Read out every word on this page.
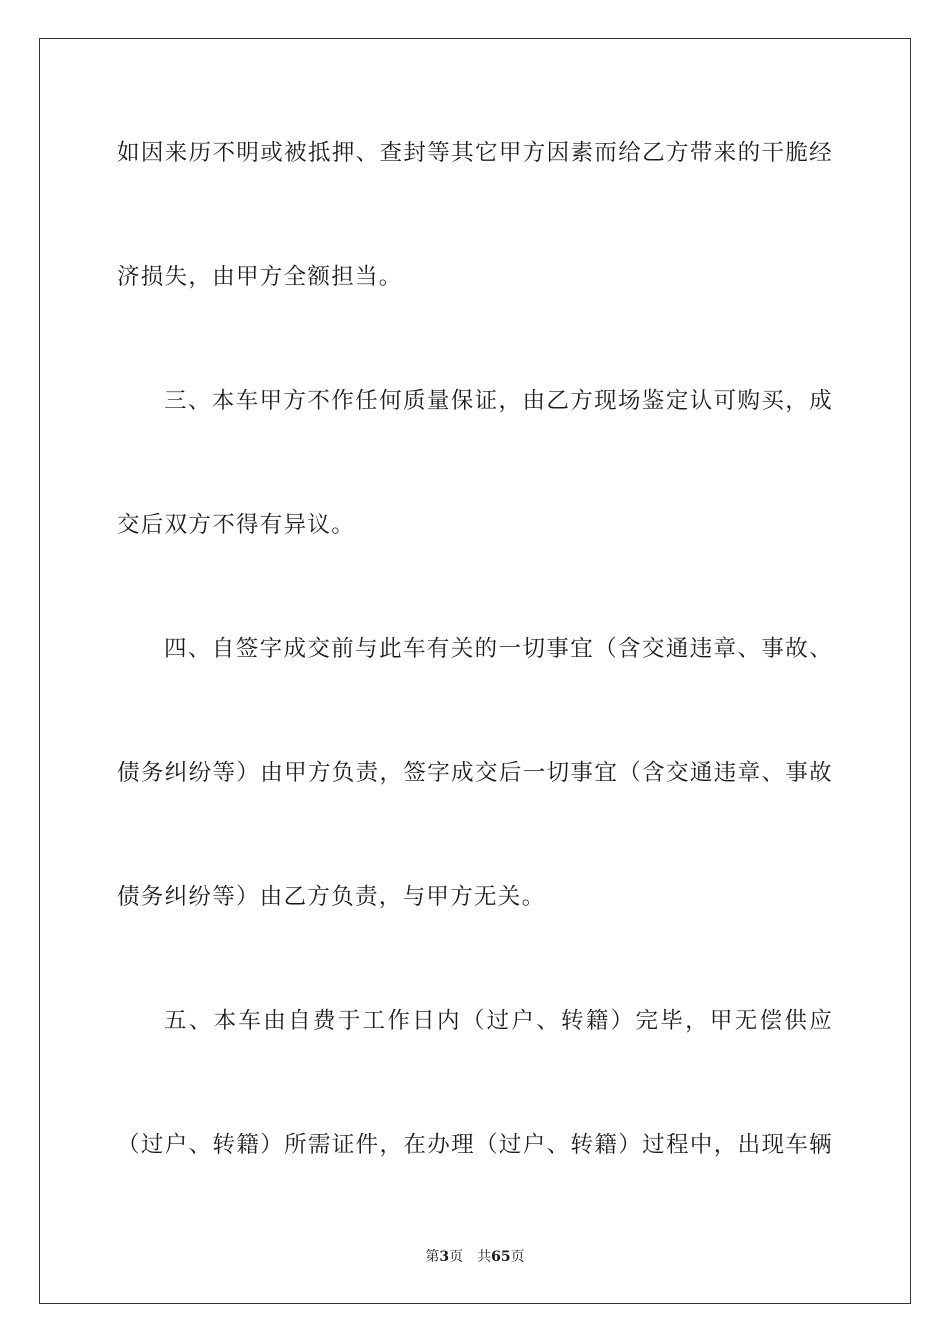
如因来历不明或被抵押、查封等其它甲方因素而给乙方带来的干脆经
济损失，由甲方全额担当。
三、本车甲方不作任何质量保证，由乙方现场鉴定认可购买，成
交后双方不得有异议。
四、自签字成交前与此车有关的一切事宜（含交通违章、事故、
债务纠纷等）由甲方负责，签字成交后一切事宜（含交通违章、事故
债务纠纷等）由乙方负责，与甲方无关。
五、本车由自费于工作日内（过户、转籍）完毕，甲无偿供应
（过户、转籍）所需证件，在办理（过户、转籍）过程中，出现车辆
第3页 共65页
